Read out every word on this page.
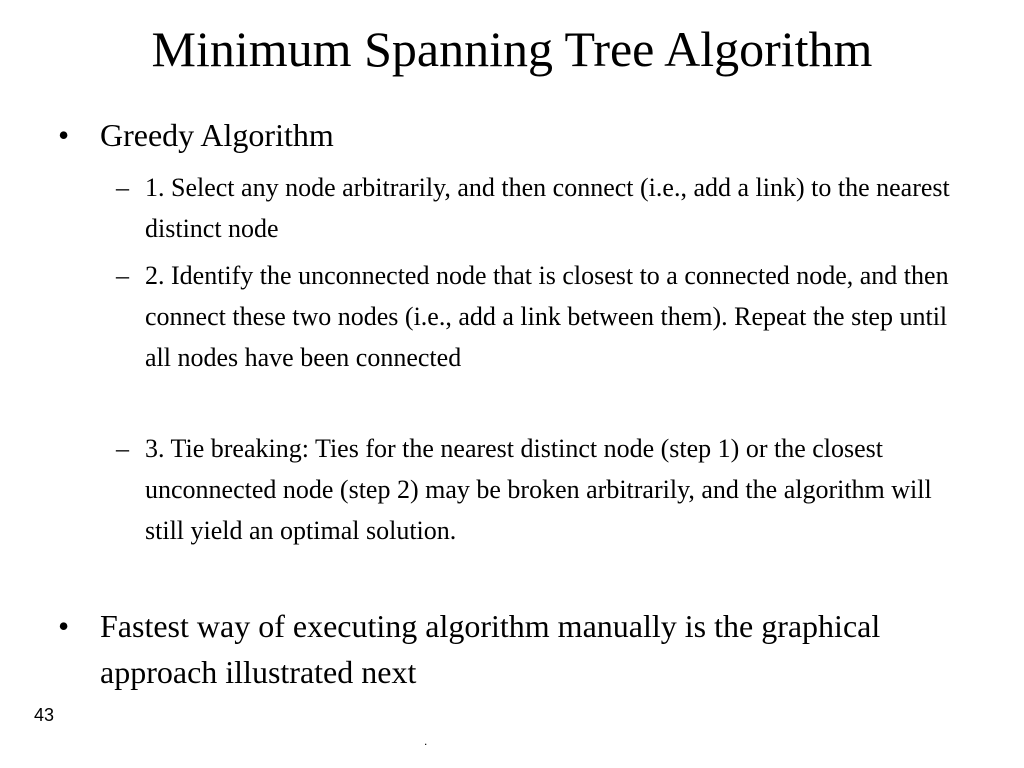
Minimum Spanning Tree Algorithm
• Greedy Algorithm
– 1. Select any node arbitrarily, and then connect (i.e., add a link) to the nearest distinct node
– 2. Identify the unconnected node that is closest to a connected node, and then connect these two nodes (i.e., add a link between them). Repeat the step until all nodes have been connected
– 3. Tie breaking: Ties for the nearest distinct node (step 1) or the closest unconnected node (step 2) may be broken arbitrarily, and the algorithm will still yield an optimal solution.
• Fastest way of executing algorithm manually is the graphical approach illustrated next
43
.
